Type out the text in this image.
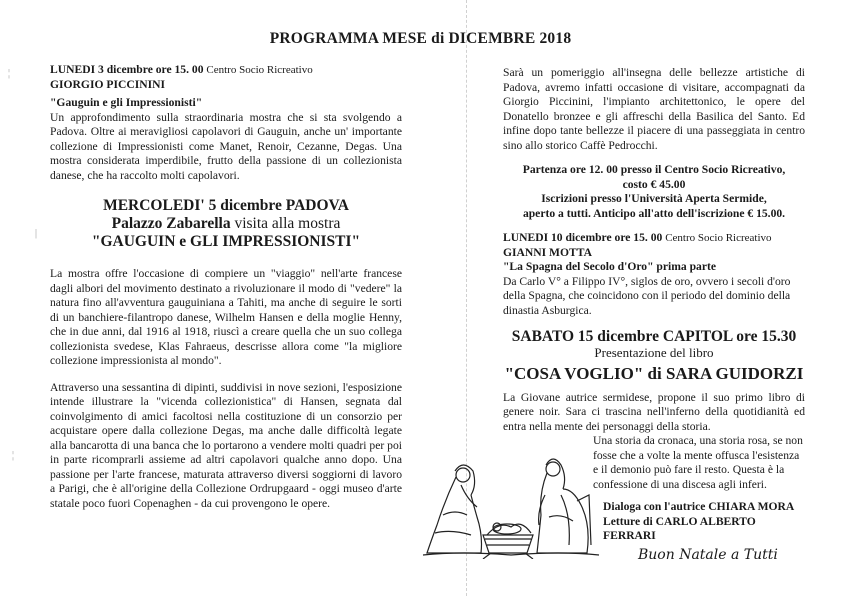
PROGRAMMA MESE di DICEMBRE 2018
¦
|
¦

LUNEDI 3 dicembre ore 15. 00 Centro Socio Ricreativo

GIORGIO PICCININI

"Gauguin e gli Impressionisti"

Un approfondimento sulla straordinaria mostra che si sta svolgendo a Padova. Oltre ai meravigliosi capolavori di Gauguin, anche un' importante collezione di Impressionisti come Manet, Renoir, Cezanne, Degas. Una mostra considerata imperdibile, frutto della passione di un collezionista danese, che ha raccolto molti capolavori.

MERCOLEDI' 5 dicembre PADOVA

Palazzo Zabarella visita alla mostra

"GAUGUIN e GLI IMPRESSIONISTI"

La mostra offre l'occasione di compiere un "viaggio" nell'arte francese dagli albori del movimento destinato a rivoluzionare il modo di "vedere" la natura fino all'avventura gauguiniana a Tahiti, ma anche di seguire le sorti di un banchiere-filantropo danese, Wilhelm Hansen e della moglie Henny, che in due anni, dal 1916 al 1918, riuscì a creare quella che un suo collega collezionista svedese, Klas Fahraeus, descrisse allora come "la migliore collezione impressionista al mondo".

Attraverso una sessantina di dipinti, suddivisi in nove sezioni, l'esposizione intende illustrare la "vicenda collezionistica" di Hansen, segnata dal coinvolgimento di amici facoltosi nella costituzione di un consorzio per acquistare opere dalla collezione Degas, ma anche dalle difficoltà legate alla bancarotta di una banca che lo portarono a vendere molti quadri per poi in parte ricomprarli assieme ad altri capolavori qualche anno dopo. Una passione per l'arte francese, maturata attraverso diversi soggiorni di lavoro a Parigi, che è all'origine della Collezione Ordrupgaard - oggi museo d'arte statale poco fuori Copenaghen - da cui provengono le opere.

Sarà un pomeriggio all'insegna delle bellezze artistiche di Padova, avremo infatti occasione di visitare, accompagnati da Giorgio Piccinini, l'impianto architettonico, le opere del Donatello bronzee e gli affreschi della Basilica del Santo. Ed infine dopo tante bellezze il piacere di una passeggiata in centro sino allo storico Caffè Pedrocchi.

Partenza ore 12. 00 presso il Centro Socio Ricreativo,

costo € 45.00

Iscrizioni presso l'Università Aperta Sermide,

aperto a tutti. Anticipo all'atto dell'iscrizione € 15.00.

LUNEDI 10 dicembre ore 15. 00 Centro Socio Ricreativo

GIANNI MOTTA

"La Spagna del Secolo d'Oro" prima parte

Da Carlo V° a Filippo IV°, siglos de oro, ovvero i secoli d'oro della Spagna, che coincidono con il periodo del dominio della dinastia Asburgica.

SABATO 15 dicembre CAPITOL ore 15.30

Presentazione del libro

"COSA VOGLIO" di SARA GUIDORZI

La Giovane autrice sermidese, propone il suo primo libro di genere noir. Sara ci trascina nell'inferno della quotidianità ed entra nella mente dei personaggi della storia.

Una storia da cronaca, una storia rosa, se non fosse che a volte la mente offusca l'esistenza e il demonio può fare il resto. Questa è la confessione di una discesa agli inferi.

Dialoga con l'autrice CHIARA MORA

Letture di CARLO ALBERTO FERRARI

Buon Natale a Tutti
